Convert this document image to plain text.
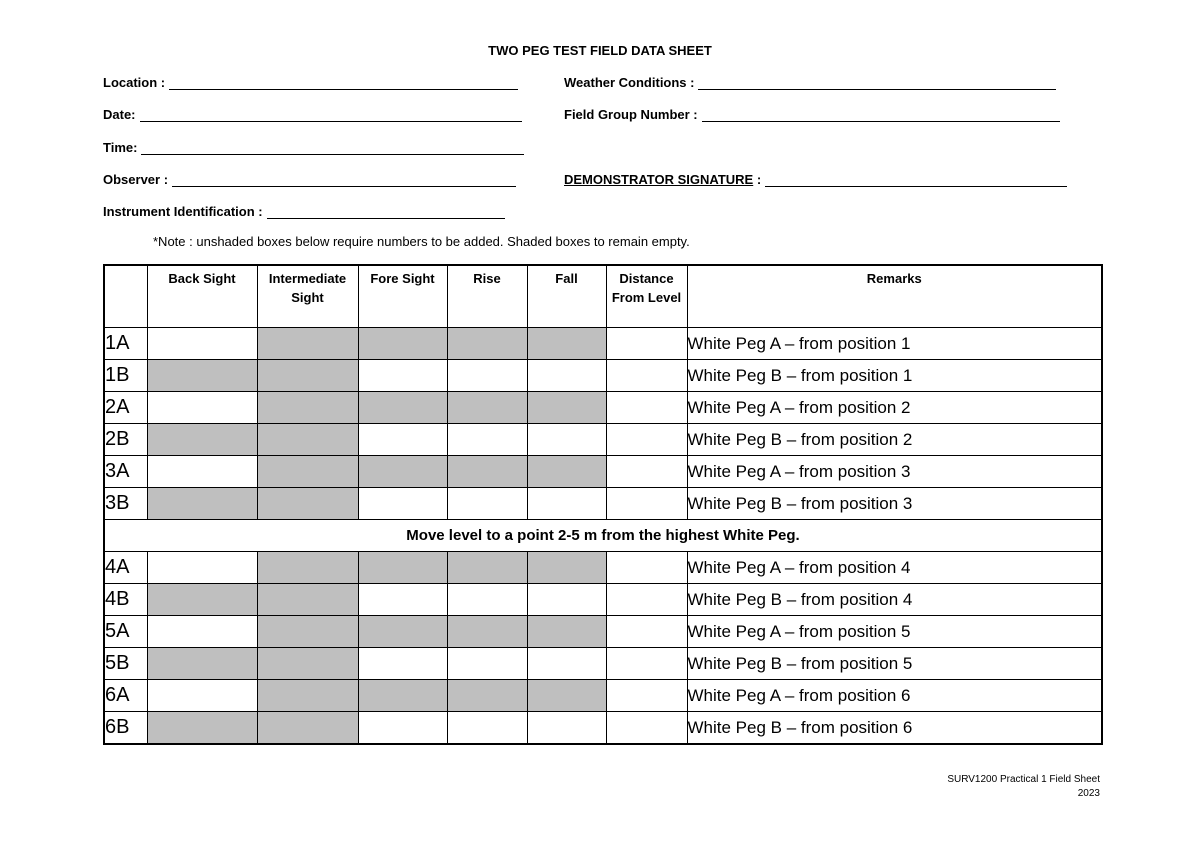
TWO PEG TEST FIELD DATA SHEET
Location :	Weather Conditions :
Date:	Field Group Number :
Time:
Observer :	DEMONSTRATOR SIGNATURE :
Instrument Identification :
*Note : unshaded boxes below require numbers to be added. Shaded boxes to remain empty.
	Back Sight	Intermediate Sight	Fore Sight	Rise	Fall	Distance From Level	Remarks
1A							White Peg A – from position 1
1B							White Peg B – from position 1
2A							White Peg A – from position 2
2B							White Peg B – from position 2
3A							White Peg A – from position 3
3B							White Peg B – from position 3
Move level to a point 2-5 m from the highest White Peg.							
4A							White Peg A – from position 4
4B							White Peg B – from position 4
5A							White Peg A – from position 5
5B							White Peg B – from position 5
6A							White Peg A – from position 6
6B							White Peg B – from position 6
SURV1200 Practical 1 Field Sheet
2023
